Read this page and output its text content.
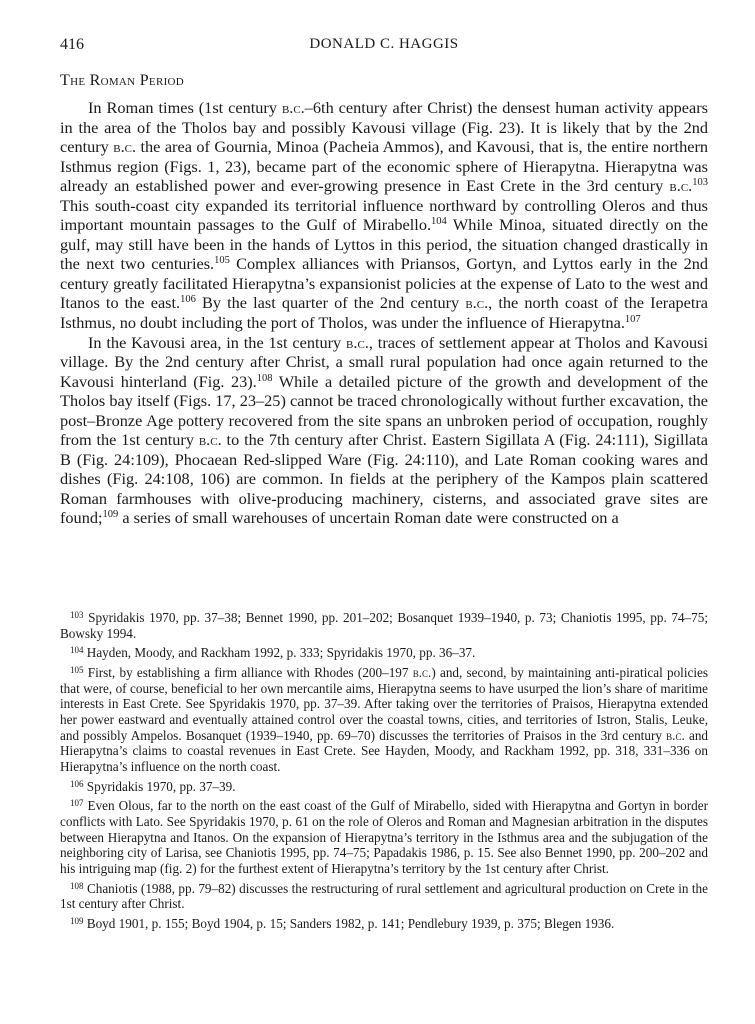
416	DONALD C. HAGGIS
The Roman Period

In Roman times (1st century b.c.–6th century after Christ) the densest human activity appears in the area of the Tholos bay and possibly Kavousi village (Fig. 23). It is likely that by the 2nd century b.c. the area of Gournia, Minoa (Pacheia Ammos), and Kavousi, that is, the entire northern Isthmus region (Figs. 1, 23), became part of the economic sphere of Hierapytna. Hierapytna was already an established power and ever-growing presence in East Crete in the 3rd century b.c.$^{103}$ This south-coast city expanded its territorial influence northward by controlling Oleros and thus important mountain passages to the Gulf of Mirabello.$^{104}$ While Minoa, situated directly on the gulf, may still have been in the hands of Lyttos in this period, the situation changed drastically in the next two centuries.$^{105}$ Complex alliances with Priansos, Gortyn, and Lyttos early in the 2nd century greatly facilitated Hierapytna’s expansionist policies at the expense of Lato to the west and Itanos to the east.$^{106}$ By the last quarter of the 2nd century b.c., the north coast of the Ierapetra Isthmus, no doubt including the port of Tholos, was under the influence of Hierapytna.$^{107}$

In the Kavousi area, in the 1st century b.c., traces of settlement appear at Tholos and Kavousi village. By the 2nd century after Christ, a small rural population had once again returned to the Kavousi hinterland (Fig. 23).$^{108}$ While a detailed picture of the growth and development of the Tholos bay itself (Figs. 17, 23–25) cannot be traced chronologically without further excavation, the post–Bronze Age pottery recovered from the site spans an unbroken period of occupation, roughly from the 1st century b.c. to the 7th century after Christ. Eastern Sigillata A (Fig. 24:111), Sigillata B (Fig. 24:109), Phocaean Red-slipped Ware (Fig. 24:110), and Late Roman cooking wares and dishes (Fig. 24:108, 106) are common. In fields at the periphery of the Kampos plain scattered Roman farmhouses with olive-producing machinery, cisterns, and associated grave sites are found;$^{109}$ a series of small warehouses of uncertain Roman date were constructed on a

$^{103}$ Spyridakis 1970, pp. 37–38; Bennet 1990, pp. 201–202; Bosanquet 1939–1940, p. 73; Chaniotis 1995, pp. 74–75; Bowsky 1994.

$^{104}$ Hayden, Moody, and Rackham 1992, p. 333; Spyridakis 1970, pp. 36–37.

$^{105}$ First, by establishing a firm alliance with Rhodes (200–197 b.c.) and, second, by maintaining anti-piratical policies that were, of course, beneficial to her own mercantile aims, Hierapytna seems to have usurped the lion’s share of maritime interests in East Crete. See Spyridakis 1970, pp. 37–39. After taking over the territories of Praisos, Hierapytna extended her power eastward and eventually attained control over the coastal towns, cities, and territories of Istron, Stalis, Leuke, and possibly Ampelos. Bosanquet (1939–1940, pp. 69–70) discusses the territories of Praisos in the 3rd century b.c. and Hierapytna’s claims to coastal revenues in East Crete. See Hayden, Moody, and Rackham 1992, pp. 318, 331–336 on Hierapytna’s influence on the north coast.

$^{106}$ Spyridakis 1970, pp. 37–39.

$^{107}$ Even Olous, far to the north on the east coast of the Gulf of Mirabello, sided with Hierapytna and Gortyn in border conflicts with Lato. See Spyridakis 1970, p. 61 on the role of Oleros and Roman and Magnesian arbitration in the disputes between Hierapytna and Itanos. On the expansion of Hierapytna’s territory in the Isthmus area and the subjugation of the neighboring city of Larisa, see Chaniotis 1995, pp. 74–75; Papadakis 1986, p. 15. See also Bennet 1990, pp. 200–202 and his intriguing map (fig. 2) for the furthest extent of Hierapytna’s territory by the 1st century after Christ.

$^{108}$ Chaniotis (1988, pp. 79–82) discusses the restructuring of rural settlement and agricultural production on Crete in the 1st century after Christ.

$^{109}$ Boyd 1901, p. 155; Boyd 1904, p. 15; Sanders 1982, p. 141; Pendlebury 1939, p. 375; Blegen 1936.
